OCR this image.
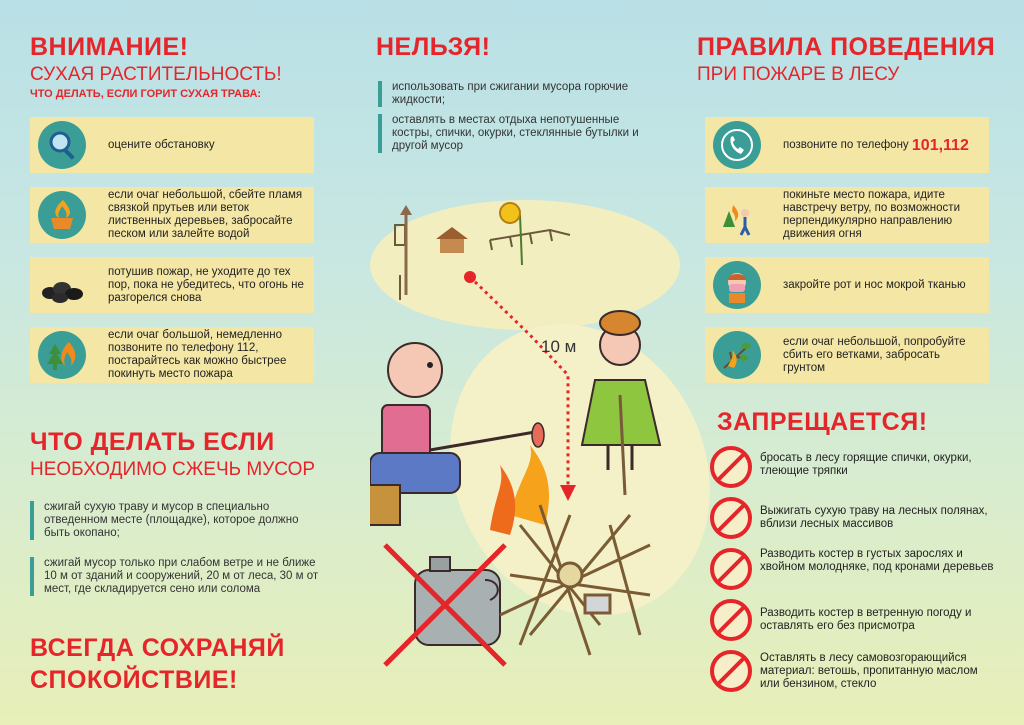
ВНИМАНИЕ!
СУХАЯ РАСТИТЕЛЬНОСТЬ!
ЧТО ДЕЛАТЬ, ЕСЛИ ГОРИТ СУХАЯ ТРАВА:
оцените обстановку
если очаг небольшой, сбейте пламя связкой прутьев или веток лиственных деревьев, забросайте песком или залейте водой
потушив пожар, не уходите до тех пор, пока не убедитесь, что огонь не разгорелся снова
если очаг большой, немедленно позвоните по телефону 112, постарайтесь как можно быстрее покинуть место пожара
ЧТО ДЕЛАТЬ ЕСЛИ
НЕОБХОДИМО СЖЕЧЬ МУСОР
сжигай сухую траву и мусор в специально отведенном месте (площадке), которое должно быть окопано;
сжигай мусор только при слабом ветре и не ближе 10 м от зданий и сооружений, 20 м от леса, 30 м от мест, где складируется сено или солома
ВСЕГДА СОХРАНЯЙ
СПОКОЙСТВИЕ!
НЕЛЬЗЯ!
использовать при сжигании мусора горючие жидкости;
оставлять в местах отдыха непотушенные костры, спички, окурки, стеклянные бутылки и другой мусор
10 м
ПРАВИЛА ПОВЕДЕНИЯ
ПРИ ПОЖАРЕ В ЛЕСУ
позвоните по телефону
101,112
покиньте место пожара, идите навстречу ветру, по возможности перпендикулярно направлению движения огня
закройте рот и нос мокрой тканью
если очаг небольшой, попробуйте сбить его ветками, забросать грунтом
ЗАПРЕЩАЕТСЯ!
бросать в лесу горящие спички, окурки, тлеющие тряпки
Выжигать сухую траву на лесных полянах, вблизи лесных массивов
Разводить костер в густых зарослях и хвойном молодняке, под кронами деревьев
Разводить костер в ветренную погоду и оставлять его без присмотра
Оставлять в лесу самовозгорающийся материал: ветошь, пропитанную маслом или бензином, стекло
